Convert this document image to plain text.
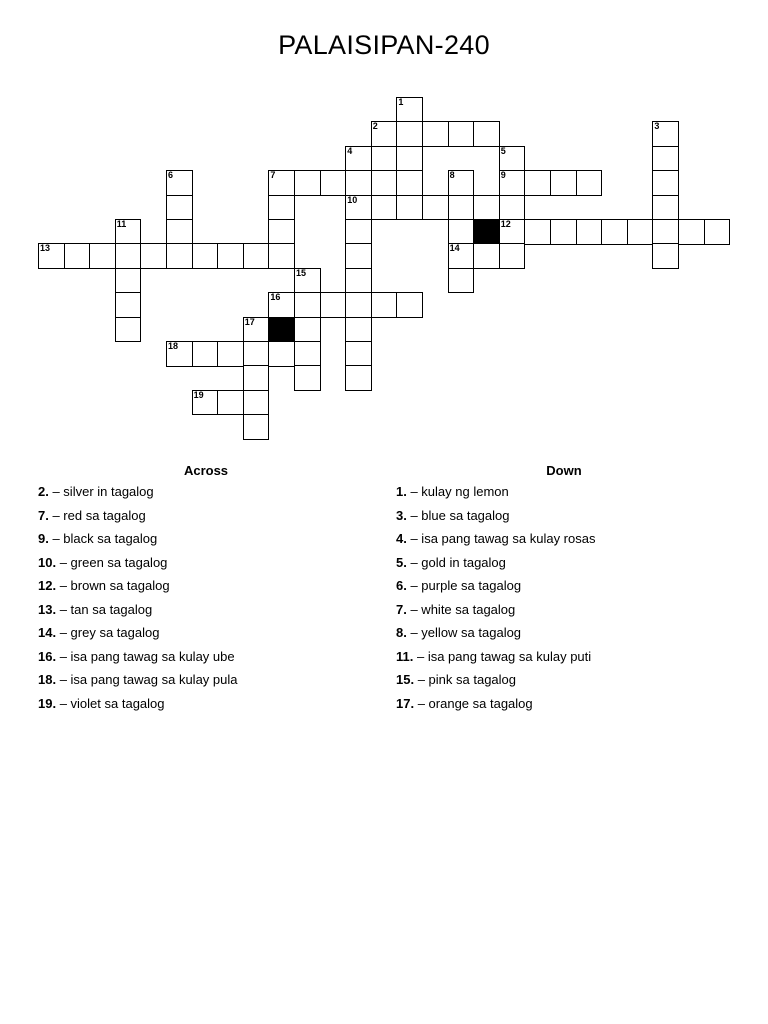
PALAISIPAN-240
1
2	3
4	5
6	7	8	9
10
11	12
13	14
15
16
17
18
19
Across	Down
2. – silver in tagalog
7. – red sa tagalog
9. – black sa tagalog
10. – green sa tagalog
12. – brown sa tagalog
13. – tan sa tagalog
14. – grey sa tagalog
16. – isa pang tawag sa kulay ube
18. – isa pang tawag sa kulay pula
19. – violet sa tagalog
1. – kulay ng lemon
3. – blue sa tagalog
4. – isa pang tawag sa kulay rosas
5. – gold in tagalog
6. – purple sa tagalog
7. – white sa tagalog
8. – yellow sa tagalog
11. – isa pang tawag sa kulay puti
15. – pink sa tagalog
17. – orange sa tagalog
